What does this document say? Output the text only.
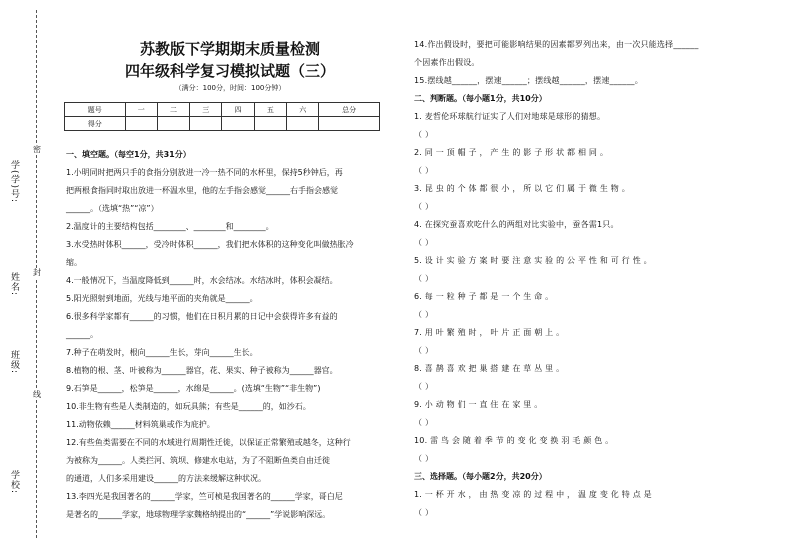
密
封
线
学(学)号:
姓名:
班级:
学校:
苏教版下学期期末质量检测
四年级科学复习模拟试题（三）
（满分：100分，时间：100分钟）
题号	一	二	三	四	五	六	总分
得分							
一、填空题。（每空1分，共31分）
1.小明同时把两只手的食指分别放进一冷一热不同的水杯里，保持5秒钟后，再
把两根食指同时取出放进一杯温水里，他的左手指会感觉______右手指会感觉
______。（选填“热”“凉”）
2.温度计的主要结构包括________、________和________。
3.水受热时体积______，受冷时体积______，我们把水体积的这种变化叫做热胀冷
缩。
4.一般情况下，当温度降低到______时，水会结冰。水结冰时，体积会凝结。
5.阳光照射到地面，光线与地平面的夹角就是______。
6.很多科学家都有______的习惯，他们在日积月累的日记中会获得许多有益的
______。
7.种子在萌发时，根向______生长，芽向______生长。
8.植物的根、茎、叶被称为______器官，花、果实、种子被称为______器官。
9.石笋是______，松笋是______，水绵是______。(选填“生物”“非生物”)
10.非生物有些是人类制造的，如玩具熊；有些是______的，如沙石。
11.动物依赖______材料筑巢或作为庇护。
12.有些鱼类需要在不同的水域进行周期性迁徙，以保证正常繁殖或越冬，这种行
为被称为______。人类拦河、筑坝、修建水电站，为了不阻断鱼类自由迁徙
的通道，人们多采用建设______的方法来缓解这种状况。
13.李四光是我国著名的______学家，竺可桢是我国著名的______学家，哥白尼
是著名的______学家，地球物理学家魏格纳提出的“______”学说影响深远。
14.作出假设时，要把可能影响结果的因素都罗列出来，由一次只能选择______
个因素作出假设。
15.摆线越______，摆速______；摆线越______，摆速______。
二、判断题。（每小题1分，共10分）
1. 麦哲伦环球航行证实了人们对地球是球形的猜想。
（ ）
2. 同 一 顶 帽 子 ， 产 生 的 影 子 形 状 都 相 同 。
（ ）
3. 昆 虫 的 个 体 都 很 小 ， 所 以 它 们 属 于 微 生 物 。
（ ）
4. 在探究蚕喜欢吃什么的两组对比实验中，蚕各需1只。
（ ）
5. 设 计 实 验 方 案 时 要 注 意 实 验 的 公 平 性 和 可 行 性 。
（ ）
6. 每 一 粒 种 子 都 是 一 个 生 命 。
（ ）
7. 用 叶 繁 殖 时 ， 叶 片 正 面 朝 上 。
（ ）
8. 喜 鹊 喜 欢 把 巢 搭 建 在 草 丛 里 。
（ ）
9. 小 动 物 们 一 直 住 在 家 里 。
（ ）
10. 雷 鸟 会 随 着 季 节 的 变 化 变 换 羽 毛 颜 色 。
（ ）
三、选择题。（每小题2分，共20分）
1. 一 杯 开 水 ， 由 热 变 凉 的 过 程 中 ， 温 度 变 化 特 点 是
（ ）
